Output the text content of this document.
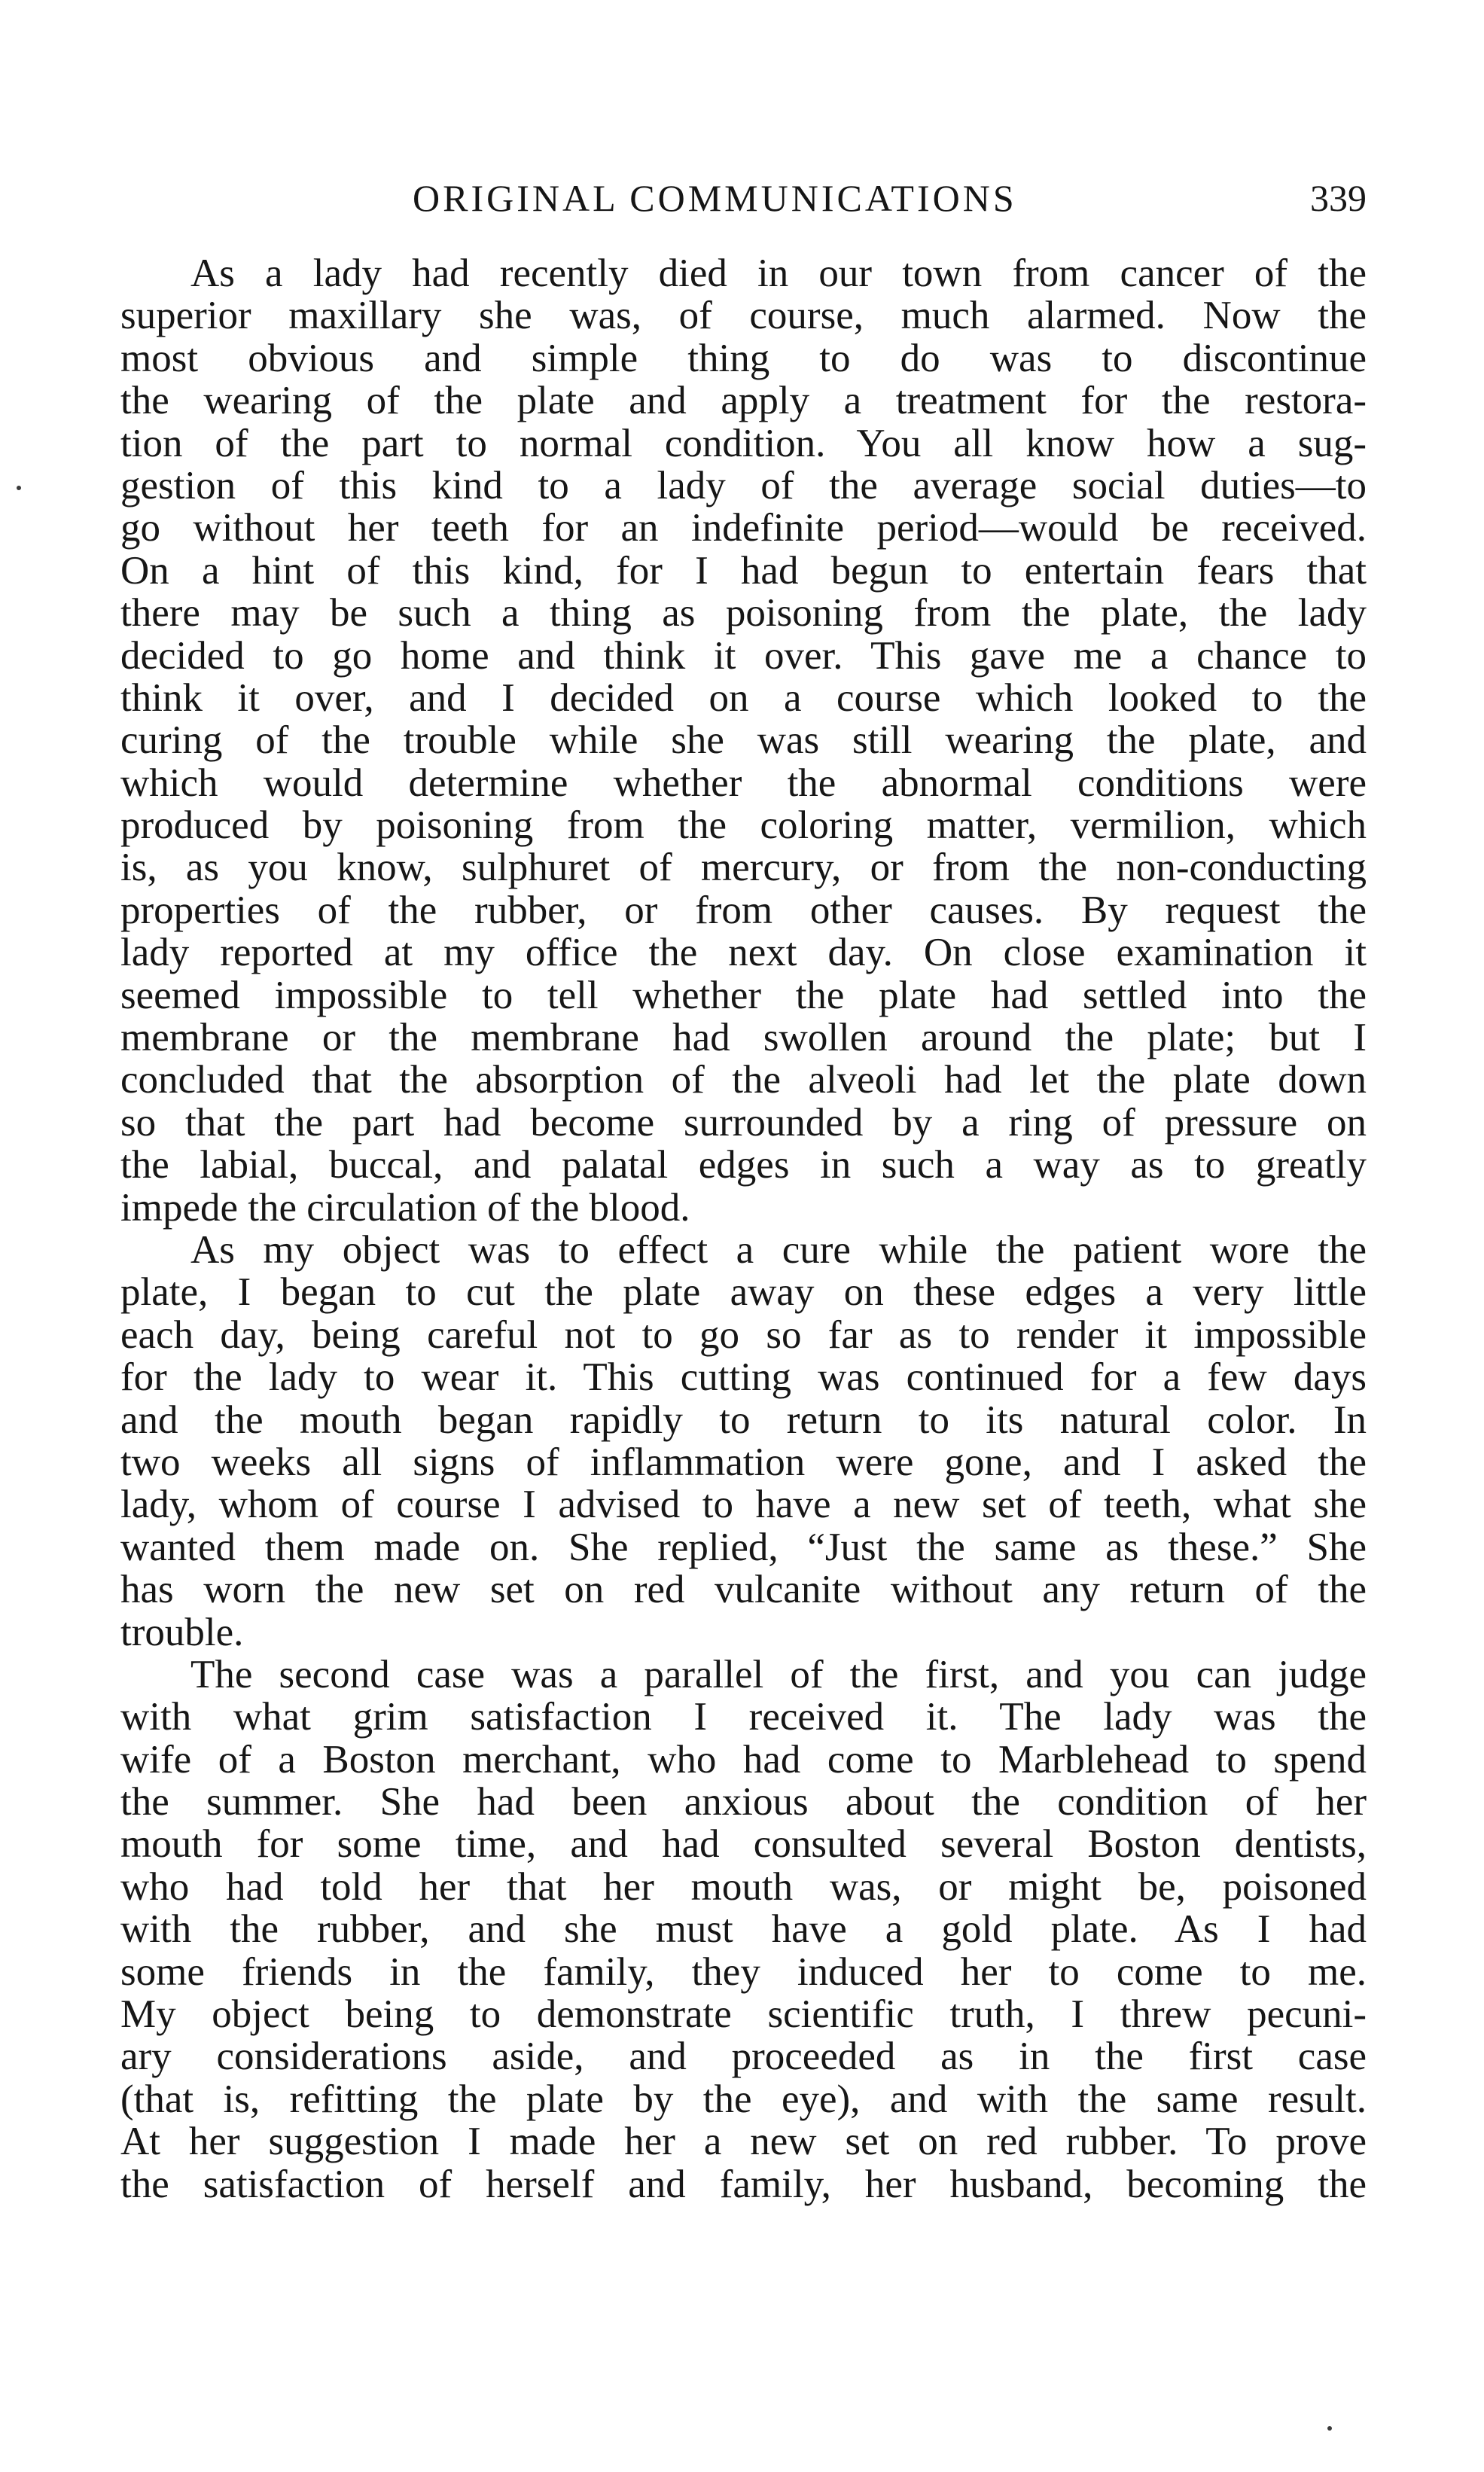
ORIGINAL COMMUNICATIONS	339
As a lady had recently died in our town from cancer of the
superior maxillary she was, of course, much alarmed. Now the
most obvious and simple thing to do was to discontinue
the wearing of the plate and apply a treatment for the restora-
tion of the part to normal condition. You all know how a sug-
gestion of this kind to a lady of the average social duties—to
go without her teeth for an indefinite period—would be received.
On a hint of this kind, for I had begun to entertain fears that
there may be such a thing as poisoning from the plate, the lady
decided to go home and think it over. This gave me a chance to
think it over, and I decided on a course which looked to the
curing of the trouble while she was still wearing the plate, and
which would determine whether the abnormal conditions were
produced by poisoning from the coloring matter, vermilion, which
is, as you know, sulphuret of mercury, or from the non-conducting
properties of the rubber, or from other causes. By request the
lady reported at my office the next day. On close examination it
seemed impossible to tell whether the plate had settled into the
membrane or the membrane had swollen around the plate; but I
concluded that the absorption of the alveoli had let the plate down
so that the part had become surrounded by a ring of pressure on
the labial, buccal, and palatal edges in such a way as to greatly
impede the circulation of the blood.
As my object was to effect a cure while the patient wore the
plate, I began to cut the plate away on these edges a very little
each day, being careful not to go so far as to render it impossible
for the lady to wear it. This cutting was continued for a few days
and the mouth began rapidly to return to its natural color. In
two weeks all signs of inflammation were gone, and I asked the
lady, whom of course I advised to have a new set of teeth, what she
wanted them made on. She replied, “Just the same as these.” She
has worn the new set on red vulcanite without any return of the
trouble.
The second case was a parallel of the first, and you can judge
with what grim satisfaction I received it. The lady was the
wife of a Boston merchant, who had come to Marblehead to spend
the summer. She had been anxious about the condition of her
mouth for some time, and had consulted several Boston dentists,
who had told her that her mouth was, or might be, poisoned
with the rubber, and she must have a gold plate. As I had
some friends in the family, they induced her to come to me.
My object being to demonstrate scientific truth, I threw pecuni-
ary considerations aside, and proceeded as in the first case
(that is, refitting the plate by the eye), and with the same result.
At her suggestion I made her a new set on red rubber. To prove
the satisfaction of herself and family, her husband, becoming the
